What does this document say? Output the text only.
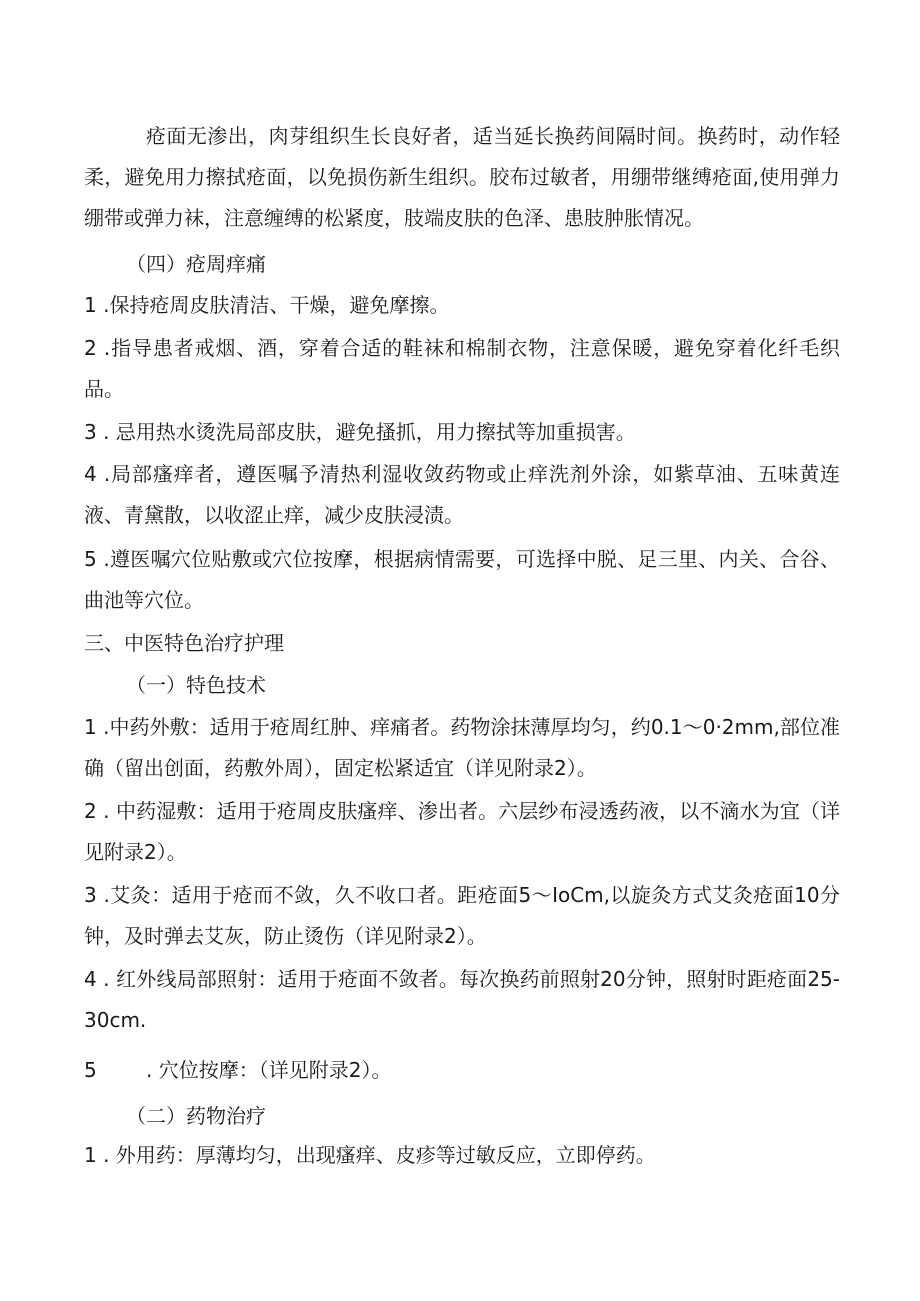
疮面无渗出，肉芽组织生长良好者，适当延长换药间隔时间。换药时，动作轻柔，避免用力擦拭疮面，以免损伤新生组织。胶布过敏者，用绷带继缚疮面,使用弹力绷带或弹力袜，注意缠缚的松紧度，肢端皮肤的色泽、患肢肿胀情况。

（四）疮周痒痛

1 .保持疮周皮肤清洁、干燥，避免摩擦。

2 .指导患者戒烟、酒，穿着合适的鞋袜和棉制衣物，注意保暖，避免穿着化纤毛织品。

3 . 忌用热水烫洗局部皮肤，避免搔抓，用力擦拭等加重损害。

4 .局部瘙痒者，遵医嘱予清热利湿收敛药物或止痒洗剂外涂，如紫草油、五味黄连液、青黛散，以收涩止痒，减少皮肤浸渍。

5 .遵医嘱穴位贴敷或穴位按摩，根据病情需要，可选择中脱、足三里、内关、合谷、曲池等穴位。

三、中医特色治疗护理

（一）特色技术

1 .中药外敷：适用于疮周红肿、痒痛者。药物涂抹薄厚均匀，约0.1〜0·2mm,部位准确（留出创面，药敷外周），固定松紧适宜（详见附录2）。

2 . 中药湿敷：适用于疮周皮肤瘙痒、渗出者。六层纱布浸透药液，以不滴水为宜（详见附录2）。

3 .艾灸：适用于疮而不敛，久不收口者。距疮面5〜IoCm,以旋灸方式艾灸疮面10分钟，及时弹去艾灰，防止烫伤（详见附录2）。

4 . 红外线局部照射：适用于疮面不敛者。每次换药前照射20分钟，照射时距疮面25-30cm.

5 . 穴位按摩：（详见附录2）。

（二）药物治疗

1 . 外用药：厚薄均匀，出现瘙痒、皮疹等过敏反应，立即停药。
